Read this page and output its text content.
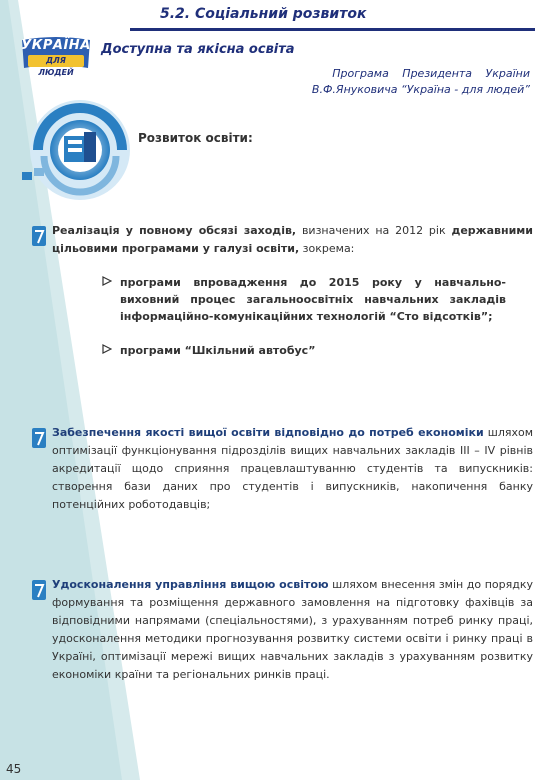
5.2. Соціальний розвиток
УКРАЇНА
ДЛЯ ЛЮДЕЙ
Доступна та якісна освіта
Програма Президента України
В.Ф.Януковича “Україна - для людей”
Розвиток освіти:
Реалізація у повному обсязі заходів, визначених на 2012 рік державними цільовими програмами у галузі освіти, зокрема:
програми впровадження до 2015 року у навчально-виховний процес загальноосвітніх навчальних закладів інформаційно-комунікаційних технологій “Сто відсотків”;
програми “Шкільний автобус”
Забезпечення якості вищої освіти відповідно до потреб економіки шляхом оптимізації функціонування підрозділів вищих навчальних закладів ІІІ – IV рівнів акредитації щодо сприяння працевлаштуванню студентів та випускників: створення бази даних про студентів і випускників, накопичення банку потенційних роботодавців;
Удосконалення управління вищою освітою шляхом внесення змін до порядку формування та розміщення державного замовлення на підготовку фахівців за відповідними напрямами (спеціальностями), з урахуванням потреб ринку праці, удосконалення методики прогнозування розвитку системи освіти і ринку праці в Україні, оптимізації мережі вищих навчальних закладів з урахуванням розвитку економіки країни та регіональних ринків праці.
45
